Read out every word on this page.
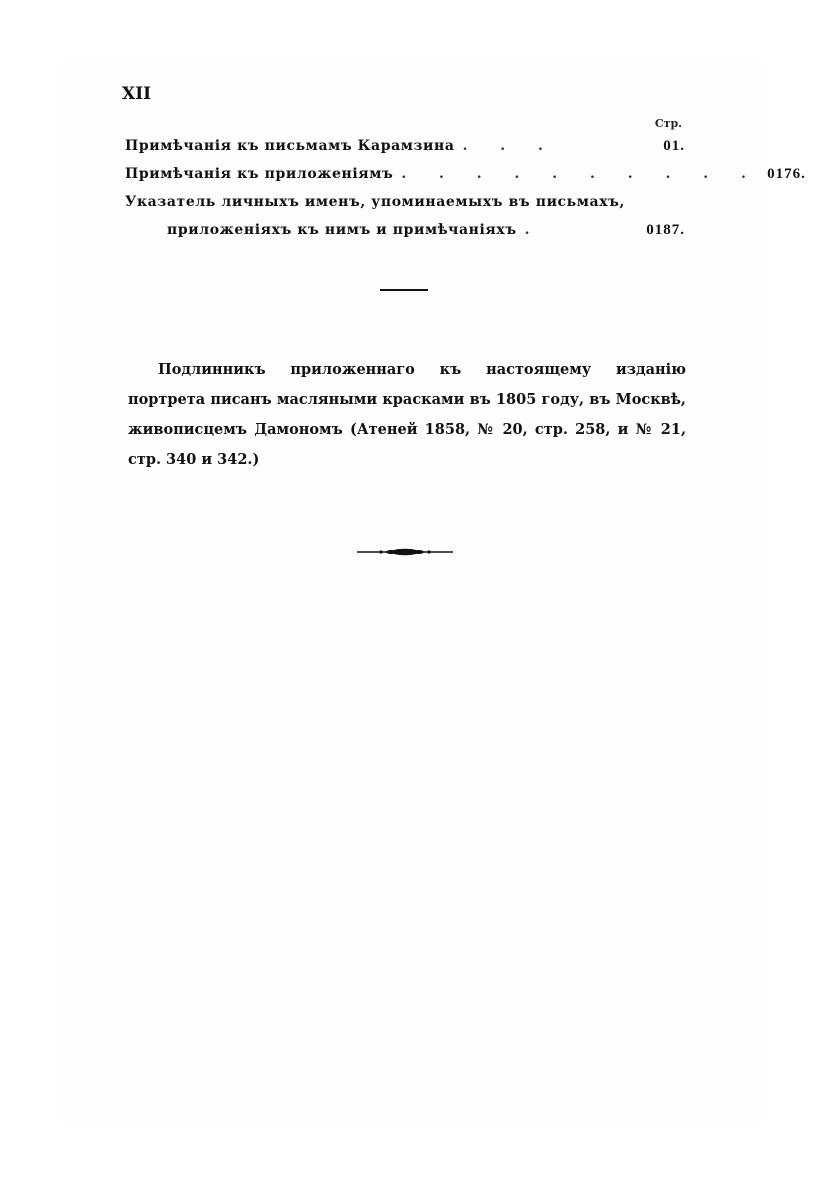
XII
Стр.
Примѣчанія къ письмамъ Карамзина . . .	01.
Примѣчанія къ приложеніямъ . . . . . . . . . . 0176.
Указатель личныхъ именъ, упоминаемыхъ въ письмахъ,
приложеніяхъ къ нимъ и примѣчаніяхъ .	0187.

Подлинникъ приложеннаго къ настоящему изданію портрета писанъ масляными красками въ 1805 году, въ Москвѣ, живописцемъ Дамономъ (Атеней 1858, № 20, стр. 258, и № 21, стр. 340 и 342.)
